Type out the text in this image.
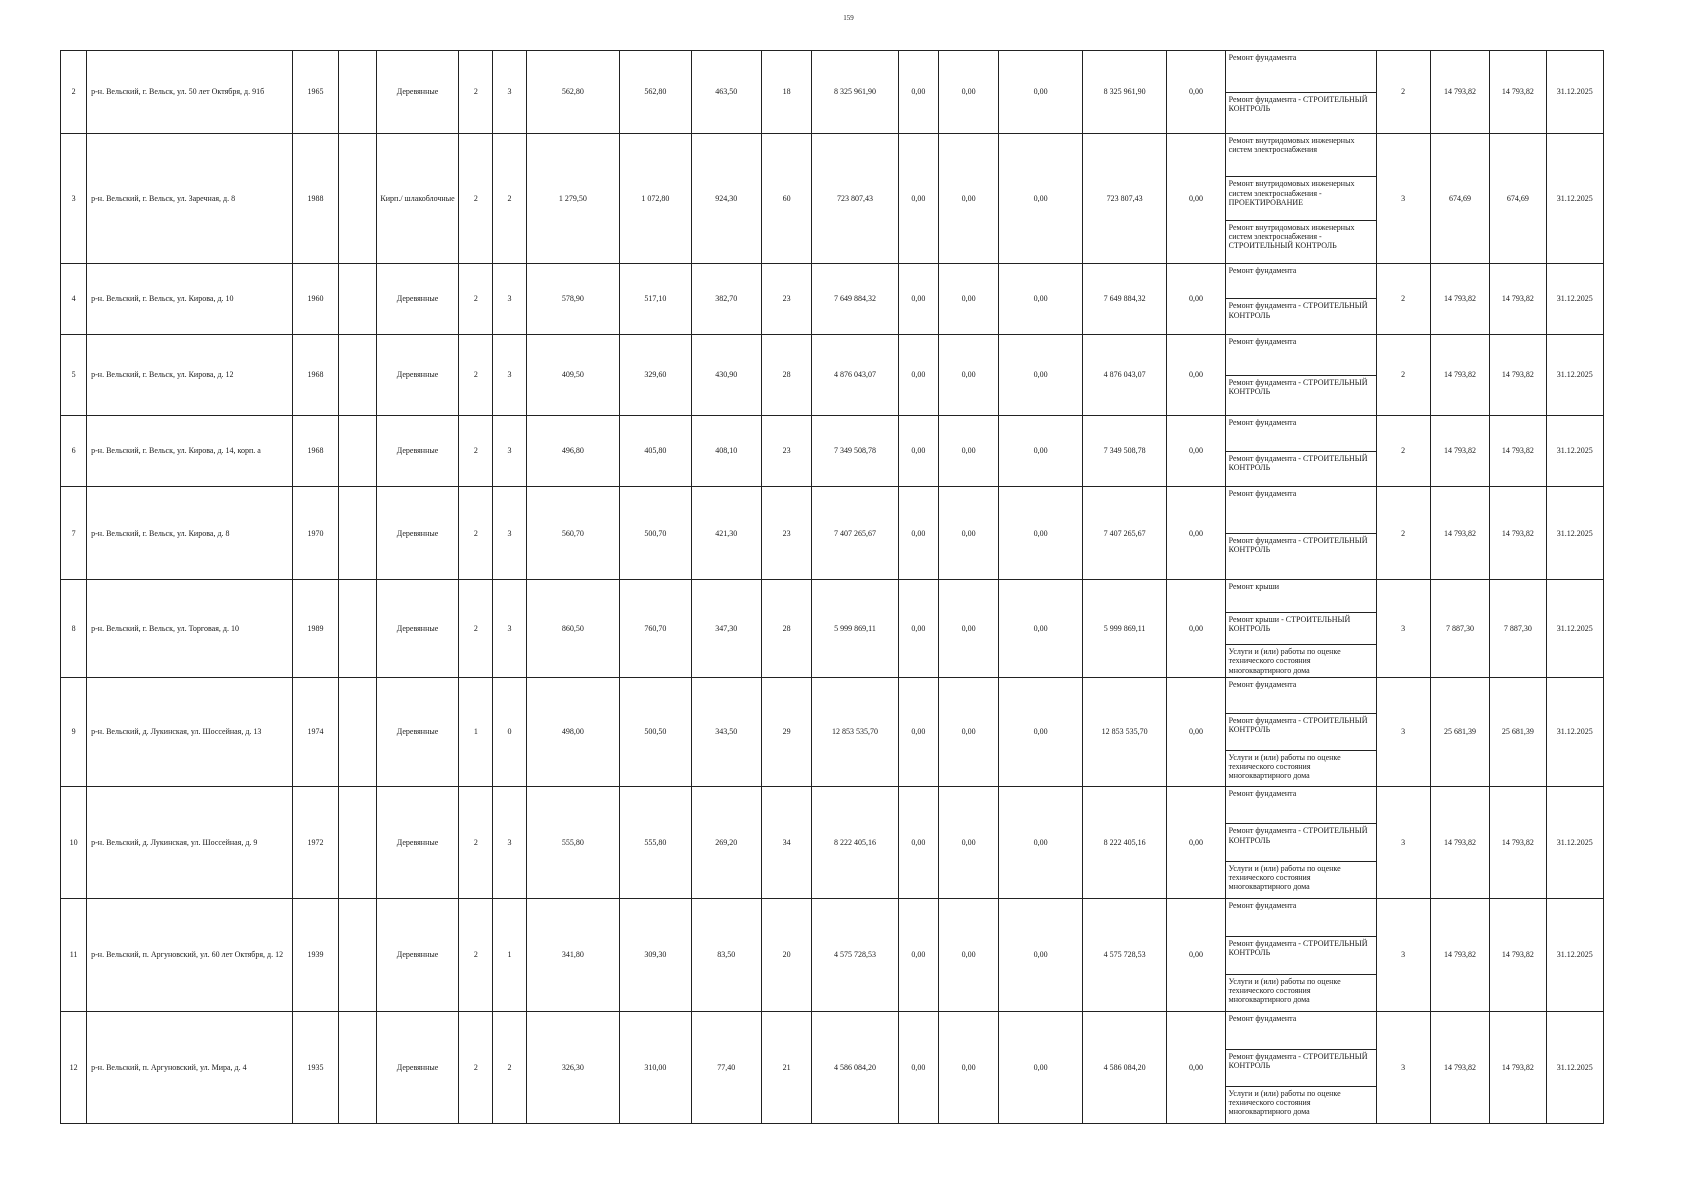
159
2	р-н. Вельский, г. Вельск, ул. 50 лет Октября, д. 91б	1965		Деревянные	2	3	562,80	562,80	463,50	18	8 325 961,90	0,00	0,00	0,00	8 325 961,90	0,00	Ремонт фундамента
Ремонт фундамента - СТРОИТЕЛЬНЫЙ КОНТРОЛЬ	2	14 793,82	14 793,82	31.12.2025
3	р-н. Вельский, г. Вельск, ул. Заречная, д. 8	1988		Кирп./ шлакоблочные	2	2	1 279,50	1 072,80	924,30	60	723 807,43	0,00	0,00	0,00	723 807,43	0,00	Ремонт внутридомовых инженерных систем электроснабжения
Ремонт внутридомовых инженерных систем электроснабжения - ПРОЕКТИРОВАНИЕ
Ремонт внутридомовых инженерных систем электроснабжения - СТРОИТЕЛЬНЫЙ КОНТРОЛЬ	3	674,69	674,69	31.12.2025
4	р-н. Вельский, г. Вельск, ул. Кирова, д. 10	1960		Деревянные	2	3	578,90	517,10	382,70	23	7 649 884,32	0,00	0,00	0,00	7 649 884,32	0,00	Ремонт фундамента
Ремонт фундамента - СТРОИТЕЛЬНЫЙ КОНТРОЛЬ	2	14 793,82	14 793,82	31.12.2025
5	р-н. Вельский, г. Вельск, ул. Кирова, д. 12	1968		Деревянные	2	3	409,50	329,60	430,90	28	4 876 043,07	0,00	0,00	0,00	4 876 043,07	0,00	Ремонт фундамента
Ремонт фундамента - СТРОИТЕЛЬНЫЙ КОНТРОЛЬ	2	14 793,82	14 793,82	31.12.2025
6	р-н. Вельский, г. Вельск, ул. Кирова, д. 14, корп. а	1968		Деревянные	2	3	496,80	405,80	408,10	23	7 349 508,78	0,00	0,00	0,00	7 349 508,78	0,00	Ремонт фундамента
Ремонт фундамента - СТРОИТЕЛЬНЫЙ КОНТРОЛЬ	2	14 793,82	14 793,82	31.12.2025
7	р-н. Вельский, г. Вельск, ул. Кирова, д. 8	1970		Деревянные	2	3	560,70	500,70	421,30	23	7 407 265,67	0,00	0,00	0,00	7 407 265,67	0,00	Ремонт фундамента
Ремонт фундамента - СТРОИТЕЛЬНЫЙ КОНТРОЛЬ	2	14 793,82	14 793,82	31.12.2025
8	р-н. Вельский, г. Вельск, ул. Торговая, д. 10	1989		Деревянные	2	3	860,50	760,70	347,30	28	5 999 869,11	0,00	0,00	0,00	5 999 869,11	0,00	Ремонт крыши
Ремонт крыши - СТРОИТЕЛЬНЫЙ КОНТРОЛЬ
Услуги и (или) работы по оценке технического состояния многоквартирного дома	3	7 887,30	7 887,30	31.12.2025
9	р-н. Вельский, д. Лукинская, ул. Шоссейная, д. 13	1974		Деревянные	1	0	498,00	500,50	343,50	29	12 853 535,70	0,00	0,00	0,00	12 853 535,70	0,00	Ремонт фундамента
Ремонт фундамента - СТРОИТЕЛЬНЫЙ КОНТРОЛЬ
Услуги и (или) работы по оценке технического состояния многоквартирного дома	3	25 681,39	25 681,39	31.12.2025
10	р-н. Вельский, д. Лукинская, ул. Шоссейная, д. 9	1972		Деревянные	2	3	555,80	555,80	269,20	34	8 222 405,16	0,00	0,00	0,00	8 222 405,16	0,00	Ремонт фундамента
Ремонт фундамента - СТРОИТЕЛЬНЫЙ КОНТРОЛЬ
Услуги и (или) работы по оценке технического состояния многоквартирного дома	3	14 793,82	14 793,82	31.12.2025
11	р-н. Вельский, п. Аргуновский, ул. 60 лет Октября, д. 12	1939		Деревянные	2	1	341,80	309,30	83,50	20	4 575 728,53	0,00	0,00	0,00	4 575 728,53	0,00	Ремонт фундамента
Ремонт фундамента - СТРОИТЕЛЬНЫЙ КОНТРОЛЬ
Услуги и (или) работы по оценке технического состояния многоквартирного дома	3	14 793,82	14 793,82	31.12.2025
12	р-н. Вельский, п. Аргуновский, ул. Мира, д. 4	1935		Деревянные	2	2	326,30	310,00	77,40	21	4 586 084,20	0,00	0,00	0,00	4 586 084,20	0,00	Ремонт фундамента
Ремонт фундамента - СТРОИТЕЛЬНЫЙ КОНТРОЛЬ
Услуги и (или) работы по оценке технического состояния многоквартирного дома	3	14 793,82	14 793,82	31.12.2025
